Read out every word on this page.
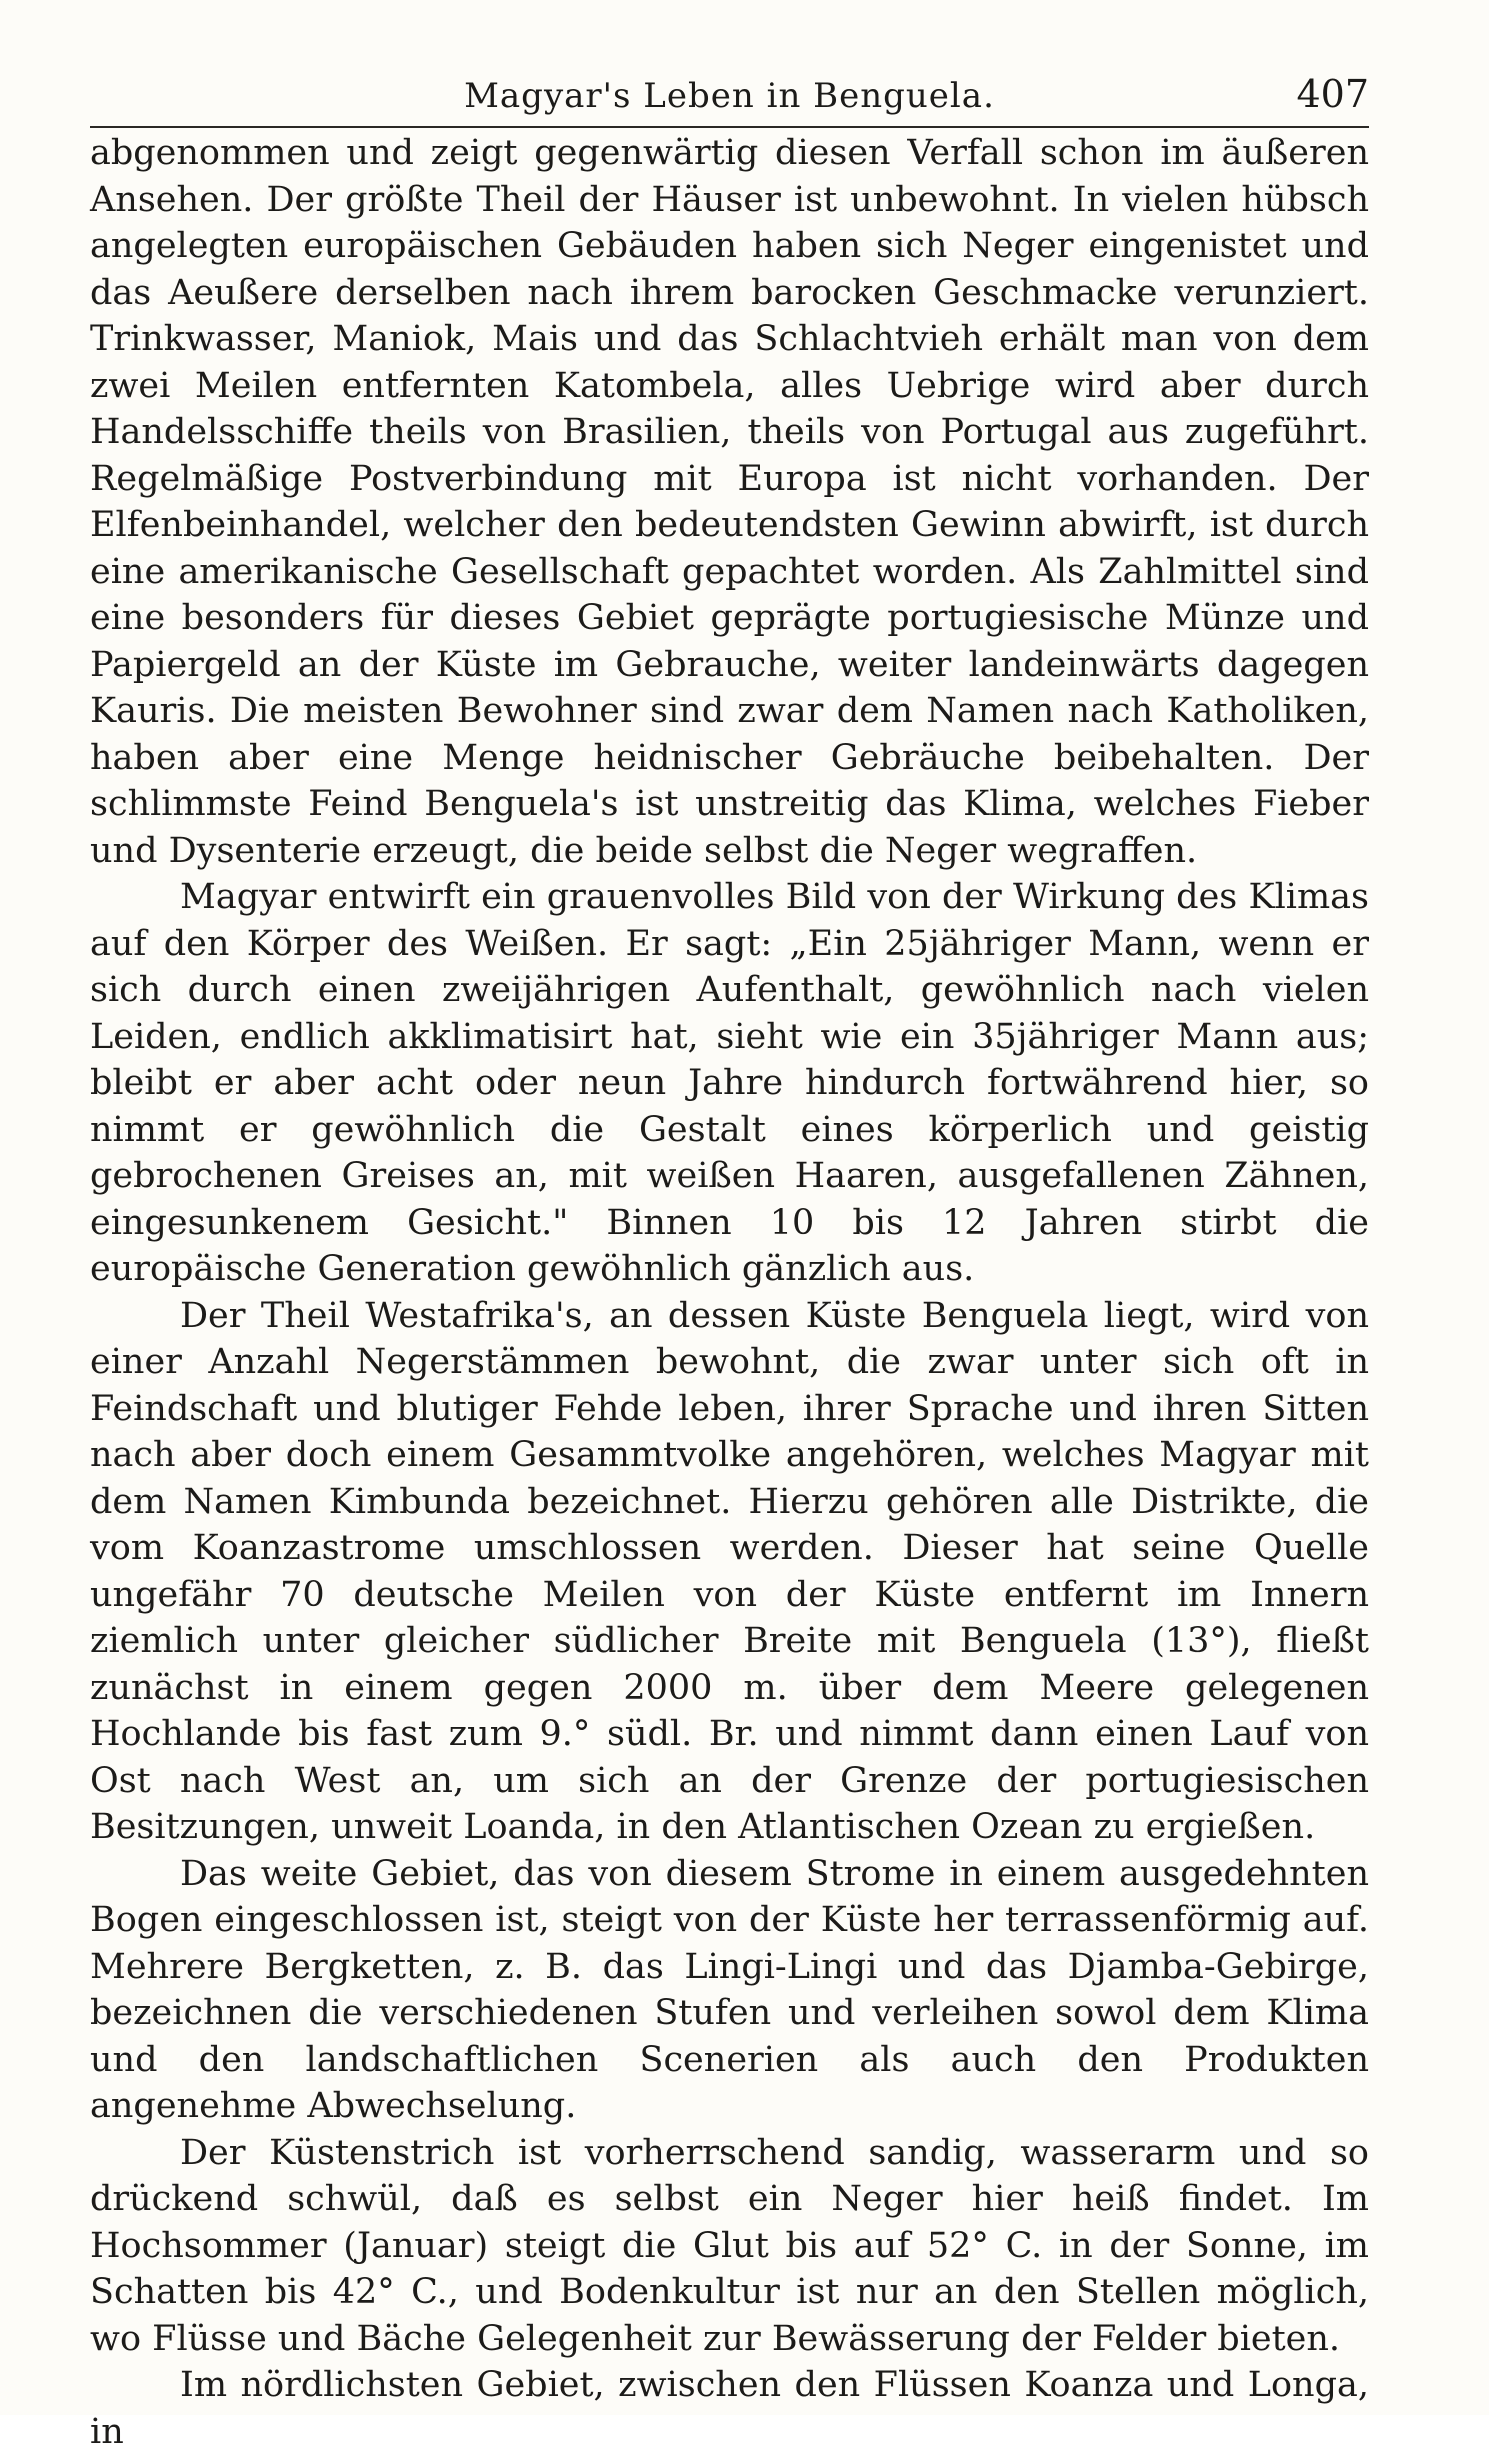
Magyar's Leben in Benguela.	407

abgenommen und zeigt gegenwärtig diesen Verfall schon im äußeren Ansehen. Der größte Theil der Häuser ist unbewohnt. In vielen hübsch angelegten europäischen Gebäuden haben sich Neger eingenistet und das Aeußere derselben nach ihrem barocken Geschmacke verunziert. Trinkwasser, Maniok, Mais und das Schlachtvieh erhält man von dem zwei Meilen entfernten Katombela, alles Uebrige wird aber durch Handelsschiffe theils von Brasilien, theils von Portugal aus zugeführt. Regelmäßige Postverbindung mit Europa ist nicht vorhanden. Der Elfenbeinhandel, welcher den bedeutendsten Gewinn abwirft, ist durch eine amerikanische Gesellschaft gepachtet worden. Als Zahlmittel sind eine besonders für dieses Gebiet geprägte portugiesische Münze und Papiergeld an der Küste im Gebrauche, weiter landeinwärts dagegen Kauris. Die meisten Bewohner sind zwar dem Namen nach Katholiken, haben aber eine Menge heidnischer Gebräuche beibehalten. Der schlimmste Feind Benguela's ist unstreitig das Klima, welches Fieber und Dysenterie erzeugt, die beide selbst die Neger wegraffen.

Magyar entwirft ein grauenvolles Bild von der Wirkung des Klimas auf den Körper des Weißen. Er sagt: „Ein 25jähriger Mann, wenn er sich durch einen zweijährigen Aufenthalt, gewöhnlich nach vielen Leiden, endlich akklimatisirt hat, sieht wie ein 35jähriger Mann aus; bleibt er aber acht oder neun Jahre hindurch fortwährend hier, so nimmt er gewöhnlich die Gestalt eines körperlich und geistig gebrochenen Greises an, mit weißen Haaren, ausgefallenen Zähnen, eingesunkenem Gesicht." Binnen 10 bis 12 Jahren stirbt die europäische Generation gewöhnlich gänzlich aus.

Der Theil Westafrika's, an dessen Küste Benguela liegt, wird von einer Anzahl Negerstämmen bewohnt, die zwar unter sich oft in Feindschaft und blutiger Fehde leben, ihrer Sprache und ihren Sitten nach aber doch einem Gesammtvolke angehören, welches Magyar mit dem Namen Kimbunda bezeichnet. Hierzu gehören alle Distrikte, die vom Koanzastrome umschlossen werden. Dieser hat seine Quelle ungefähr 70 deutsche Meilen von der Küste entfernt im Innern ziemlich unter gleicher südlicher Breite mit Benguela (13°), fließt zunächst in einem gegen 2000 m. über dem Meere gelegenen Hochlande bis fast zum 9.° südl. Br. und nimmt dann einen Lauf von Ost nach West an, um sich an der Grenze der portugiesischen Besitzungen, unweit Loanda, in den Atlantischen Ozean zu ergießen.

Das weite Gebiet, das von diesem Strome in einem ausgedehnten Bogen eingeschlossen ist, steigt von der Küste her terrassenförmig auf. Mehrere Bergketten, z. B. das Lingi-Lingi und das Djamba-Gebirge, bezeichnen die verschiedenen Stufen und verleihen sowol dem Klima und den landschaftlichen Scenerien als auch den Produkten angenehme Abwechselung.

Der Küstenstrich ist vorherrschend sandig, wasserarm und so drückend schwül, daß es selbst ein Neger hier heiß findet. Im Hochsommer (Januar) steigt die Glut bis auf 52° C. in der Sonne, im Schatten bis 42° C., und Bodenkultur ist nur an den Stellen möglich, wo Flüsse und Bäche Gelegenheit zur Bewässerung der Felder bieten.

Im nördlichsten Gebiet, zwischen den Flüssen Koanza und Longa, in
